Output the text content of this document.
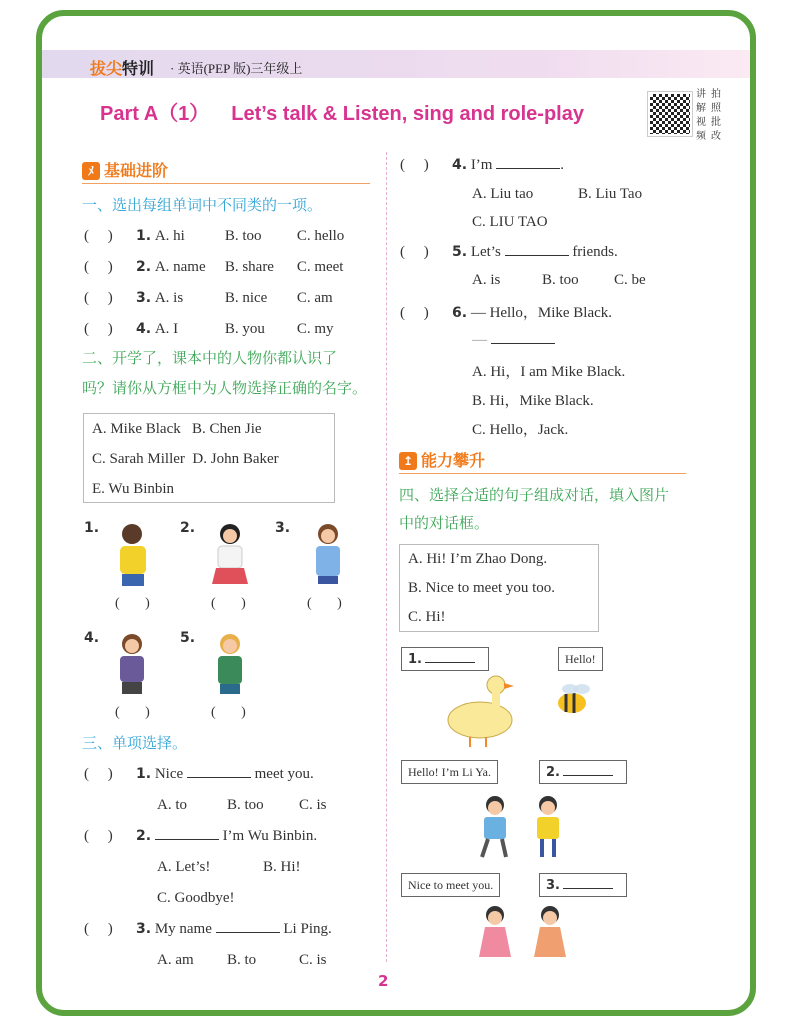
拔尖特训 · 英语(PEP 版)三年级上
Part A（1） Let’s talk & Listen, sing and role-play
讲 拍
解 照
视 批
频 改
ﾒ 基础进阶
一、选出每组单词中不同类的一项。
(     ) 1. A. hi	B. too C. hello
(     ) 2. A. name B. share C. meet
(     ) 3. A. is	B. nice C. am
(     ) 4. A. I	B. you C. my
二、开学了，课本中的人物你都认识了
吗？请你从方框中为人物选择正确的名字。
A. Mike Black B. Chen Jie
C. Sarah Miller D. John Baker
E. Wu Binbin
1.	2.	3.
4.	5.
( )	( )	( )
( )	( )
三、单项选择。
(     ) 1. Nice	meet you.
A. to	B. too C. is
(     ) 2.	I’m Wu Binbin.
A. Let’s!	B. Hi!
C. Goodbye!
(     ) 3. My name	Li Ping.
A. am B. to	C. is
(     ) 4. I’m	.
A. Liu tao	B. Liu Tao
C. LIU TAO
(     ) 5. Let’s	friends.
A. is	B. too C. be
(     ) 6. — Hello，Mike Black.
—
A. Hi，I am Mike Black.
B. Hi，Mike Black.
C. Hello，Jack.
↥ 能力攀升
四、选择合适的句子组成对话，填入图片
中的对话框。
A. Hi! I’m Zhao Dong.
B. Nice to meet you too.
C. Hi!
1.	Hello!
Hello! I’m Li Ya.	2.
Nice to meet you.	3.
2
